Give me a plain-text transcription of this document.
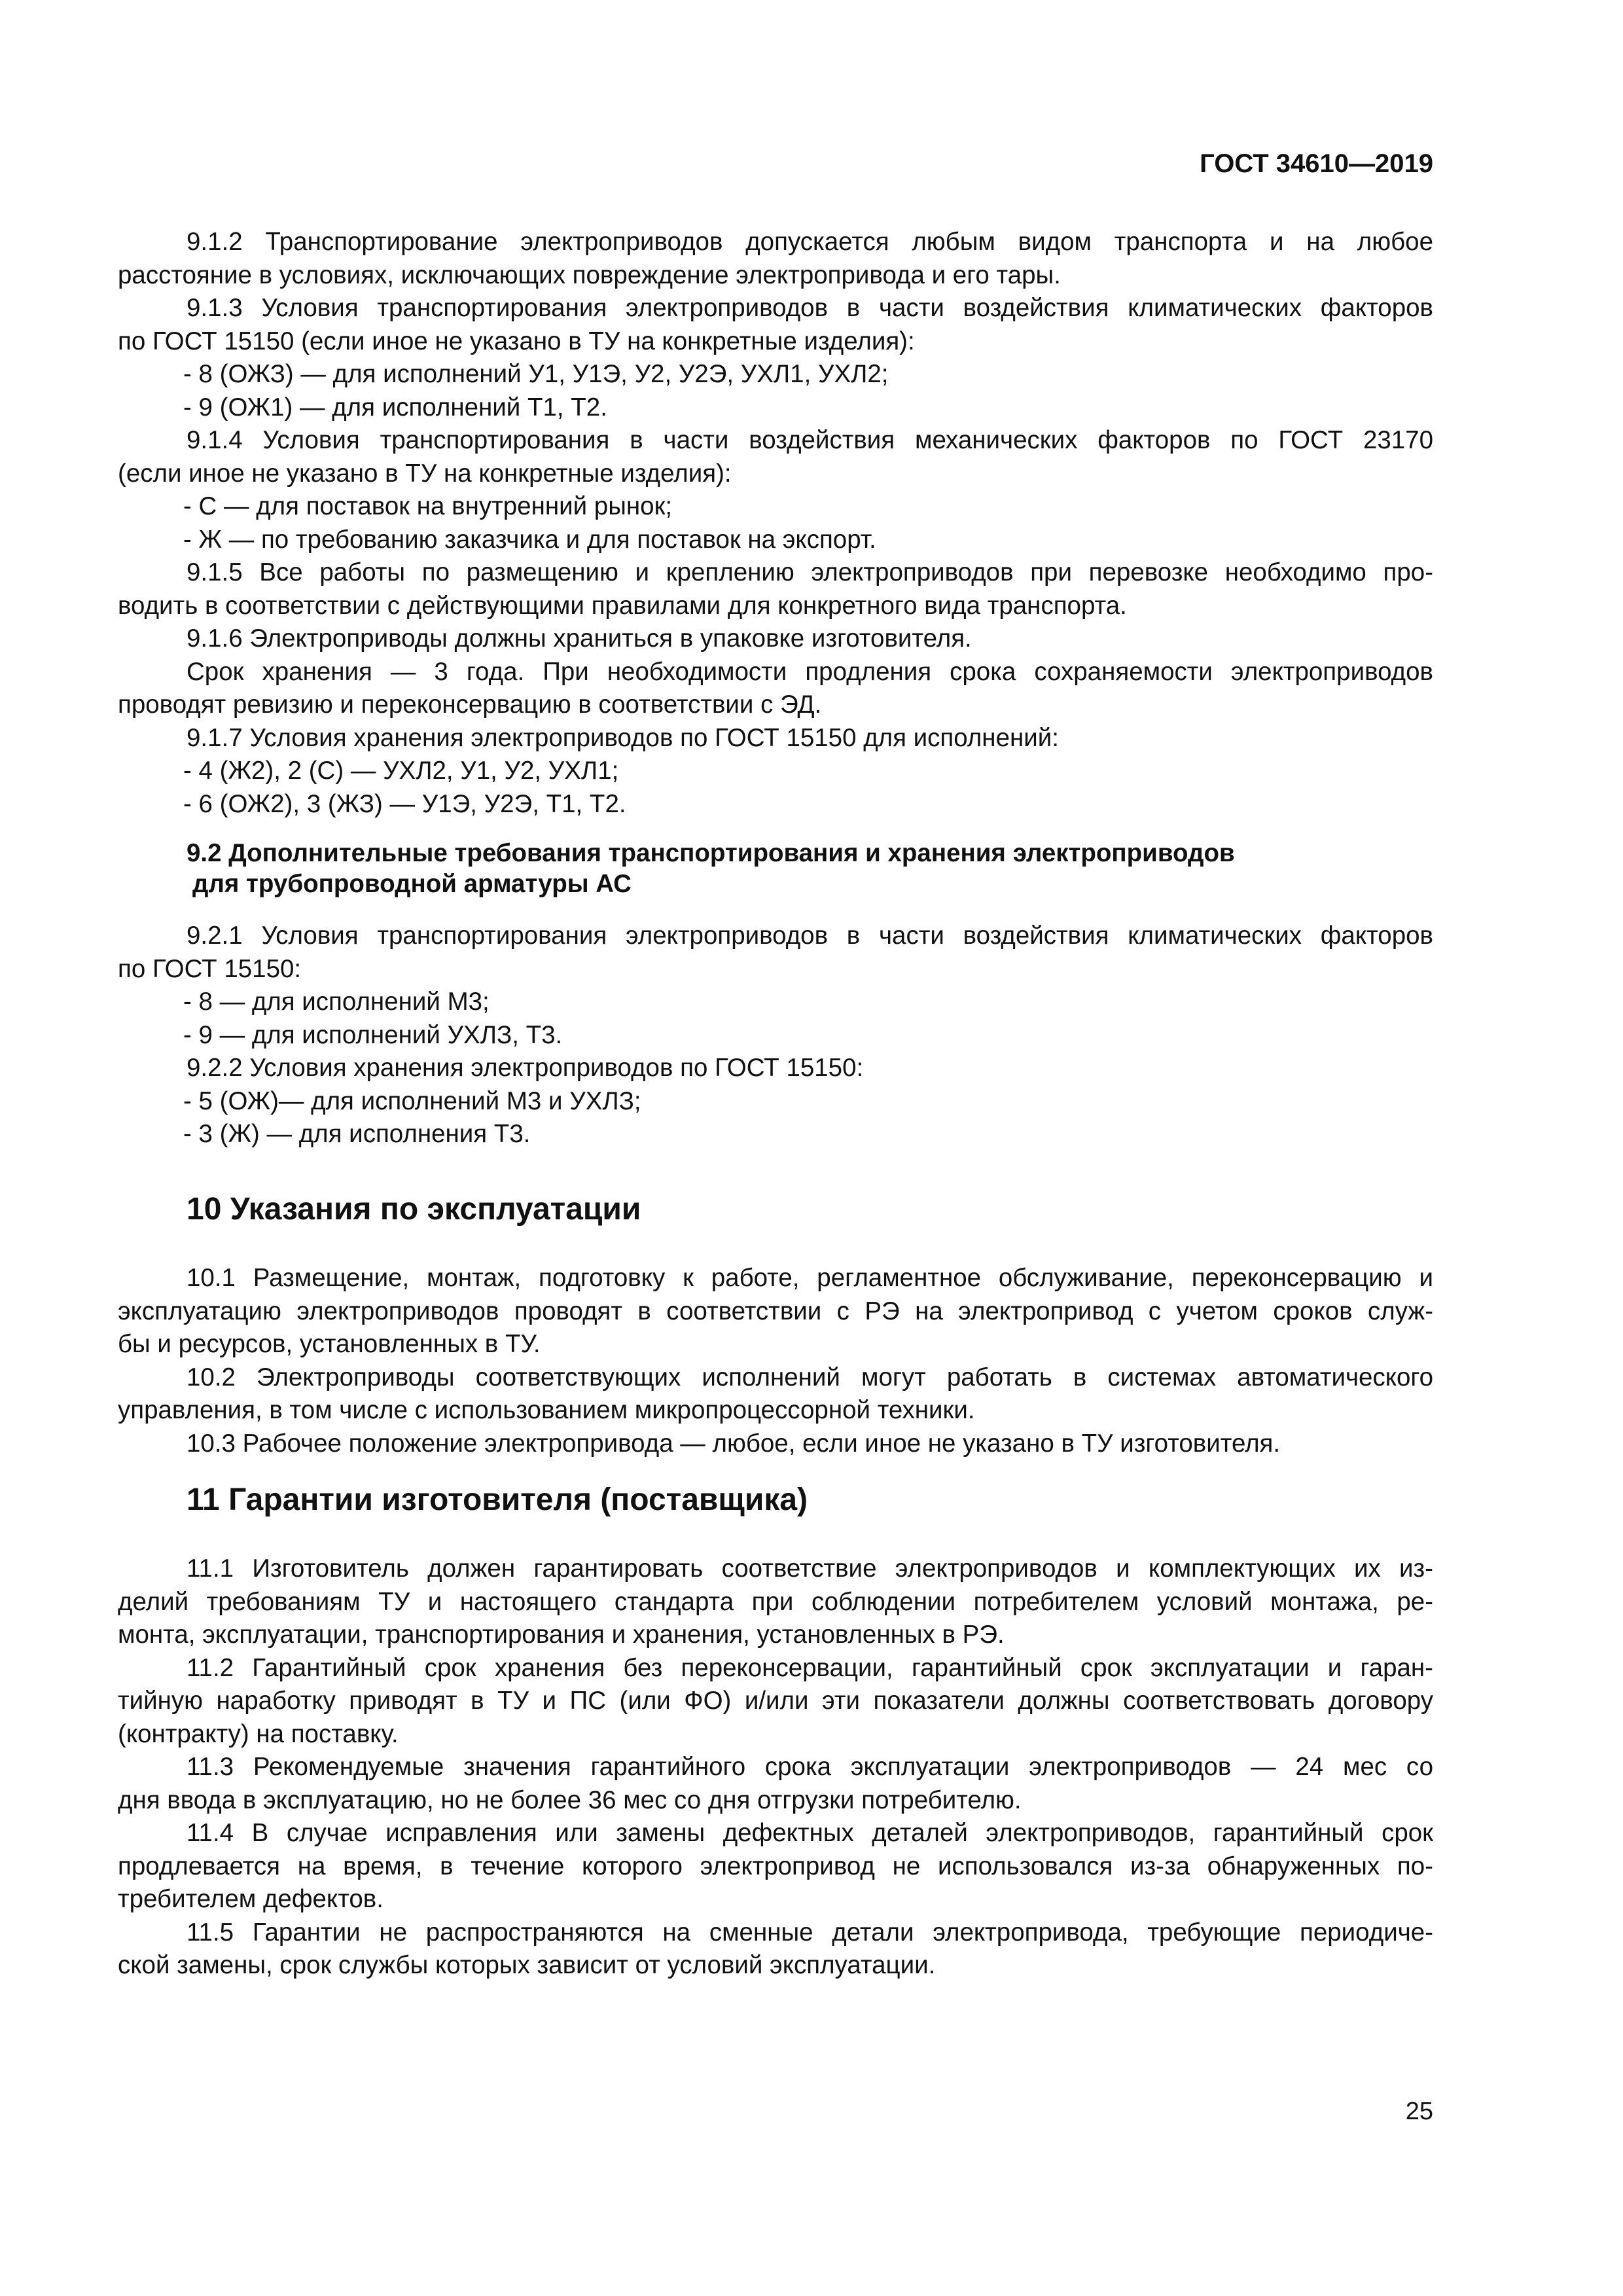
ГОСТ 34610—2019

9.1.2 Транспортирование электроприводов допускается любым видом транспорта и на любое

расстояние в условиях, исключающих повреждение электропривода и его тары.

9.1.3 Условия транспортирования электроприводов в части воздействия климатических факторов

по ГОСТ 15150 (если иное не указано в ТУ на конкретные изделия):

- 8 (ОЖЗ) — для исполнений У1, У1Э, У2, У2Э, УХЛ1, УХЛ2;

- 9 (ОЖ1) — для исполнений Т1, Т2.

9.1.4 Условия транспортирования в части воздействия механических факторов по ГОСТ 23170

(если иное не указано в ТУ на конкретные изделия):

- С — для поставок на внутренний рынок;

- Ж — по требованию заказчика и для поставок на экспорт.

9.1.5 Все работы по размещению и креплению электроприводов при перевозке необходимо про-

водить в соответствии с действующими правилами для конкретного вида транспорта.

9.1.6 Электроприводы должны храниться в упаковке изготовителя.

Срок хранения — 3 года. При необходимости продления срока сохраняемости электроприводов

проводят ревизию и переконсервацию в соответствии с ЭД.

9.1.7 Условия хранения электроприводов по ГОСТ 15150 для исполнений:

- 4 (Ж2), 2 (С) — УХЛ2, У1, У2, УХЛ1;

- 6 (ОЖ2), 3 (ЖЗ) — У1Э, У2Э, Т1, Т2.

9.2 Дополнительные требования транспортирования и хранения электроприводов

для трубопроводной арматуры АС

9.2.1 Условия транспортирования электроприводов в части воздействия климатических факторов

по ГОСТ 15150:

- 8 — для исполнений М3;

- 9 — для исполнений УХЛЗ, Т3.

9.2.2 Условия хранения электроприводов по ГОСТ 15150:

- 5 (ОЖ)— для исполнений М3 и УХЛЗ;

- 3 (Ж) — для исполнения Т3.

10 Указания по эксплуатации

10.1 Размещение, монтаж, подготовку к работе, регламентное обслуживание, переконсервацию и

эксплуатацию электроприводов проводят в соответствии с РЭ на электропривод с учетом сроков служ-

бы и ресурсов, установленных в ТУ.

10.2 Электроприводы соответствующих исполнений могут работать в системах автоматического

управления, в том числе с использованием микропроцессорной техники.

10.3 Рабочее положение электропривода — любое, если иное не указано в ТУ изготовителя.

11 Гарантии изготовителя (поставщика)

11.1 Изготовитель должен гарантировать соответствие электроприводов и комплектующих их из-

делий требованиям ТУ и настоящего стандарта при соблюдении потребителем условий монтажа, ре-

монта, эксплуатации, транспортирования и хранения, установленных в РЭ.

11.2 Гарантийный срок хранения без переконсервации, гарантийный срок эксплуатации и гаран-

тийную наработку приводят в ТУ и ПС (или ФО) и/или эти показатели должны соответствовать договору

(контракту) на поставку.

11.3 Рекомендуемые значения гарантийного срока эксплуатации электроприводов — 24 мес со

дня ввода в эксплуатацию, но не более 36 мес со дня отгрузки потребителю.

11.4 В случае исправления или замены дефектных деталей электроприводов, гарантийный срок

продлевается на время, в течение которого электропривод не использовался из-за обнаруженных по-

требителем дефектов.

11.5 Гарантии не распространяются на сменные детали электропривода, требующие периодиче-

ской замены, срок службы которых зависит от условий эксплуатации.

25
